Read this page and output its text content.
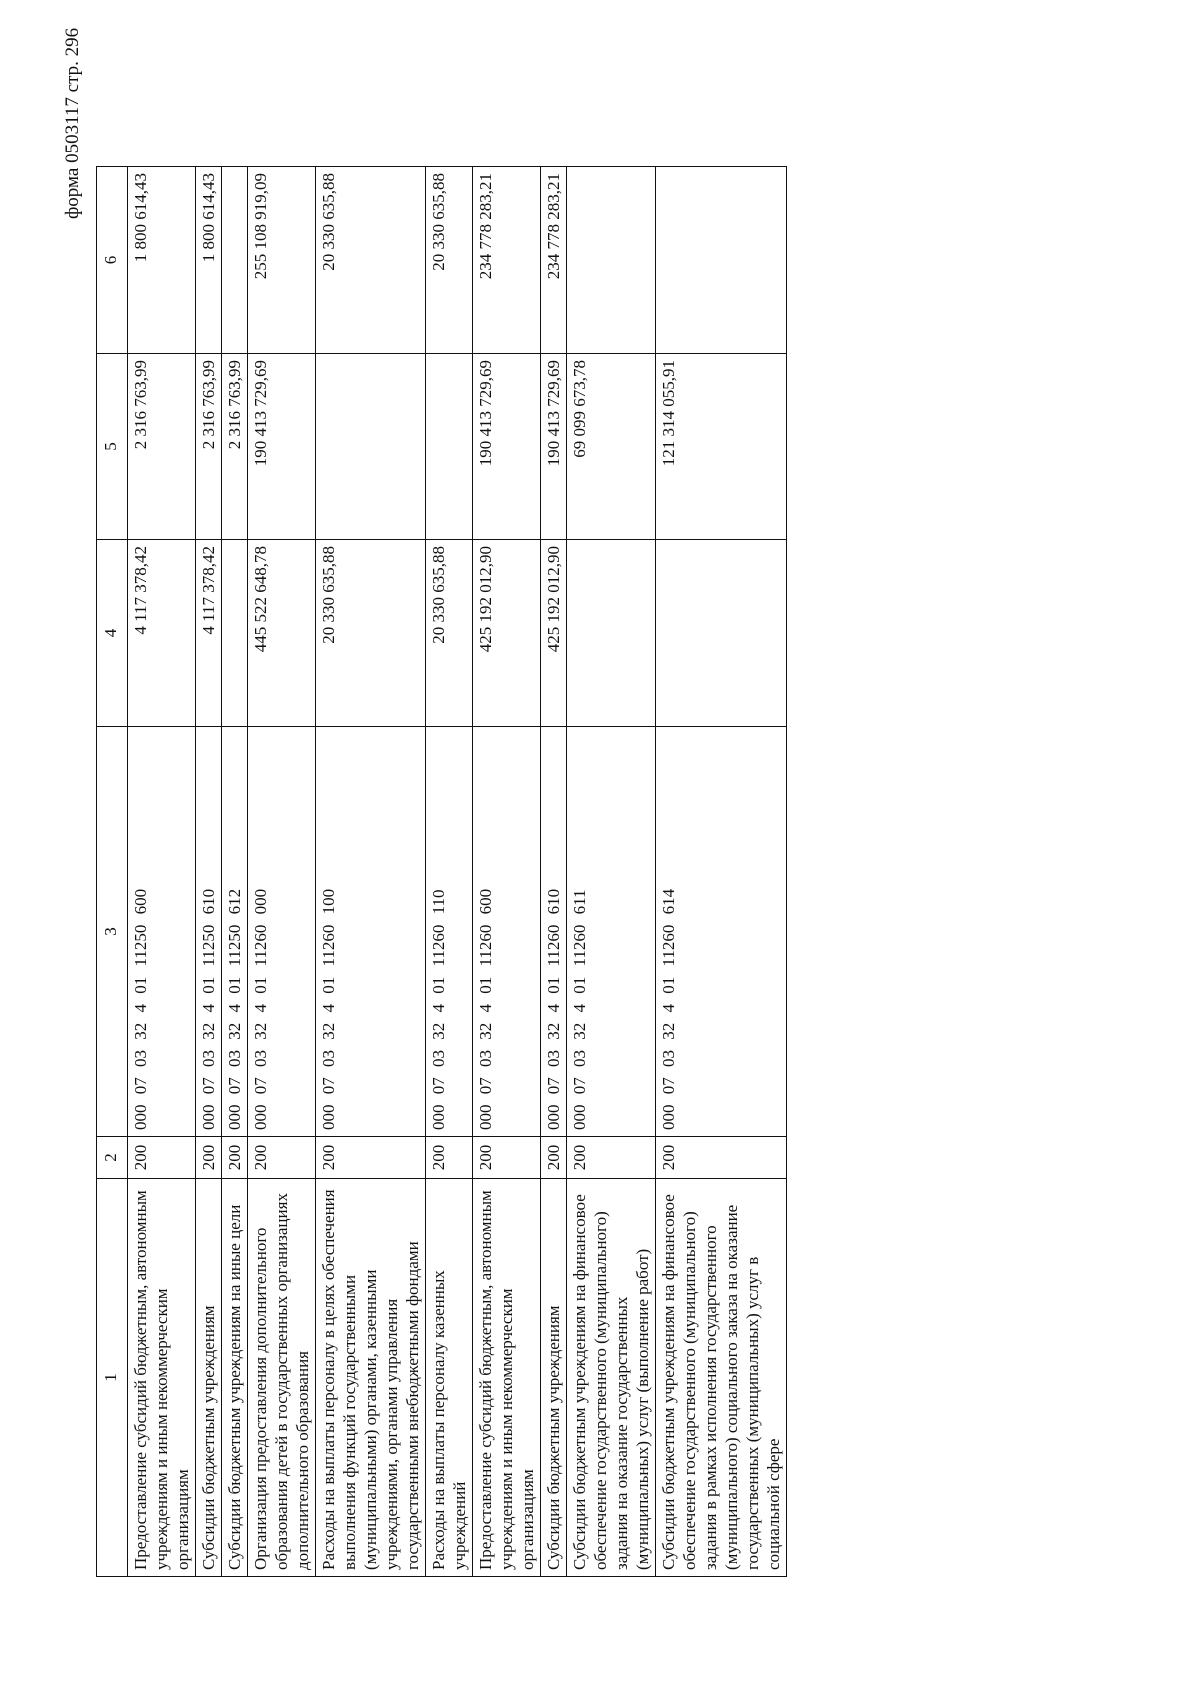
форма 0503117 стр. 296
1	2	3	4	5	6
Предоставление субсидий бюджетным, автономным учреждениям и иным некоммерческим организациям	200	000 07 03 32 4 01 11250 600	4 117 378,42	2 316 763,99	1 800 614,43
Субсидии бюджетным учреждениям	200	000 07 03 32 4 01 11250 610	4 117 378,42	2 316 763,99	1 800 614,43
Субсидии бюджетным учреждениям на иные цели	200	000 07 03 32 4 01 11250 612		2 316 763,99	
Организация предоставления дополнительного образования детей в государственных организациях дополнительного образования	200	000 07 03 32 4 01 11260 000	445 522 648,78	190 413 729,69	255 108 919,09
Расходы на выплаты персоналу в целях обеспечения выполнения функций государственными (муниципальными) органами, казенными учреждениями, органами управления государственными внебюджетными фондами	200	000 07 03 32 4 01 11260 100	20 330 635,88		20 330 635,88
Расходы на выплаты персоналу казенных учреждений	200	000 07 03 32 4 01 11260 110	20 330 635,88		20 330 635,88
Предоставление субсидий бюджетным, автономным учреждениям и иным некоммерческим организациям	200	000 07 03 32 4 01 11260 600	425 192 012,90	190 413 729,69	234 778 283,21
Субсидии бюджетным учреждениям	200	000 07 03 32 4 01 11260 610	425 192 012,90	190 413 729,69	234 778 283,21
Субсидии бюджетным учреждениям на финансовое обеспечение государственного (муниципального) задания на оказание государственных (муниципальных) услуг (выполнение работ)	200	000 07 03 32 4 01 11260 611		69 099 673,78	
Субсидии бюджетным учреждениям на финансовое обеспечение государственного (муниципального) задания в рамках исполнения государственного (муниципального) социального заказа на оказание государственных (муниципальных) услуг в социальной сфере	200	000 07 03 32 4 01 11260 614		121 314 055,91	
